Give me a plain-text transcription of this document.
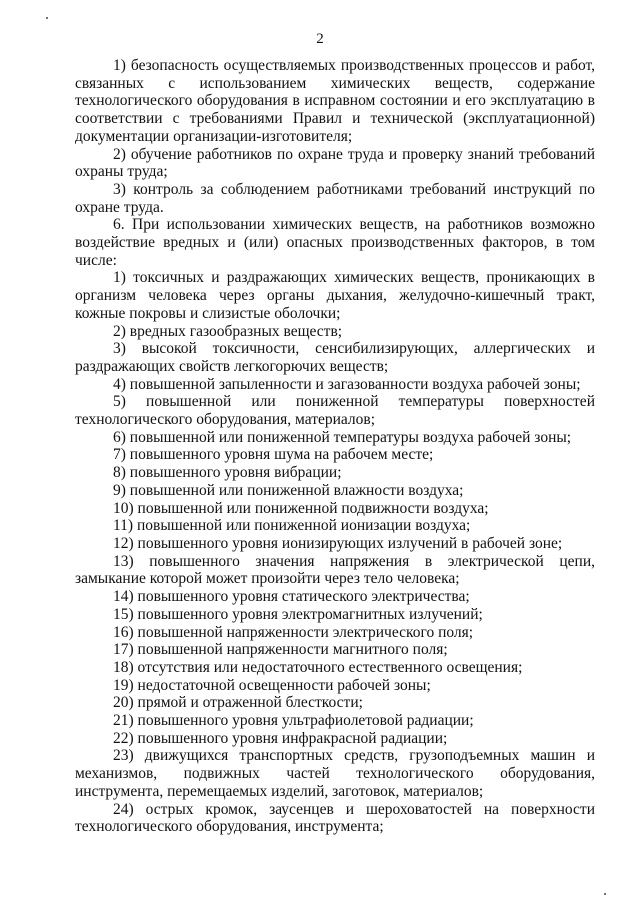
2

1) безопасность осуществляемых производственных процессов и работ, связанных с использованием химических веществ, содержание технологического оборудования в исправном состоянии и его эксплуатацию в соответствии с требованиями Правил и технической (эксплуатационной) документации организации-изготовителя;

2) обучение работников по охране труда и проверку знаний требований охраны труда;

3) контроль за соблюдением работниками требований инструкций по охране труда.

6. При использовании химических веществ, на работников возможно воздействие вредных и (или) опасных производственных факторов, в том числе:

1) токсичных и раздражающих химических веществ, проникающих в организм человека через органы дыхания, желудочно-кишечный тракт, кожные покровы и слизистые оболочки;

2) вредных газообразных веществ;

3) высокой токсичности, сенсибилизирующих, аллергических и раздражающих свойств легкогорючих веществ;

4) повышенной запыленности и загазованности воздуха рабочей зоны;

5) повышенной или пониженной температуры поверхностей технологического оборудования, материалов;

6) повышенной или пониженной температуры воздуха рабочей зоны;

7) повышенного уровня шума на рабочем месте;

8) повышенного уровня вибрации;

9) повышенной или пониженной влажности воздуха;

10) повышенной или пониженной подвижности воздуха;

11) повышенной или пониженной ионизации воздуха;

12) повышенного уровня ионизирующих излучений в рабочей зоне;

13) повышенного значения напряжения в электрической цепи, замыкание которой может произойти через тело человека;

14) повышенного уровня статического электричества;

15) повышенного уровня электромагнитных излучений;

16) повышенной напряженности электрического поля;

17) повышенной напряженности магнитного поля;

18) отсутствия или недостаточного естественного освещения;

19) недостаточной освещенности рабочей зоны;

20) прямой и отраженной блесткости;

21) повышенного уровня ультрафиолетовой радиации;

22) повышенного уровня инфракрасной радиации;

23) движущихся транспортных средств, грузоподъемных машин и механизмов, подвижных частей технологического оборудования, инструмента, перемещаемых изделий, заготовок, материалов;

24) острых кромок, заусенцев и шероховатостей на поверхности технологического оборудования, инструмента;
